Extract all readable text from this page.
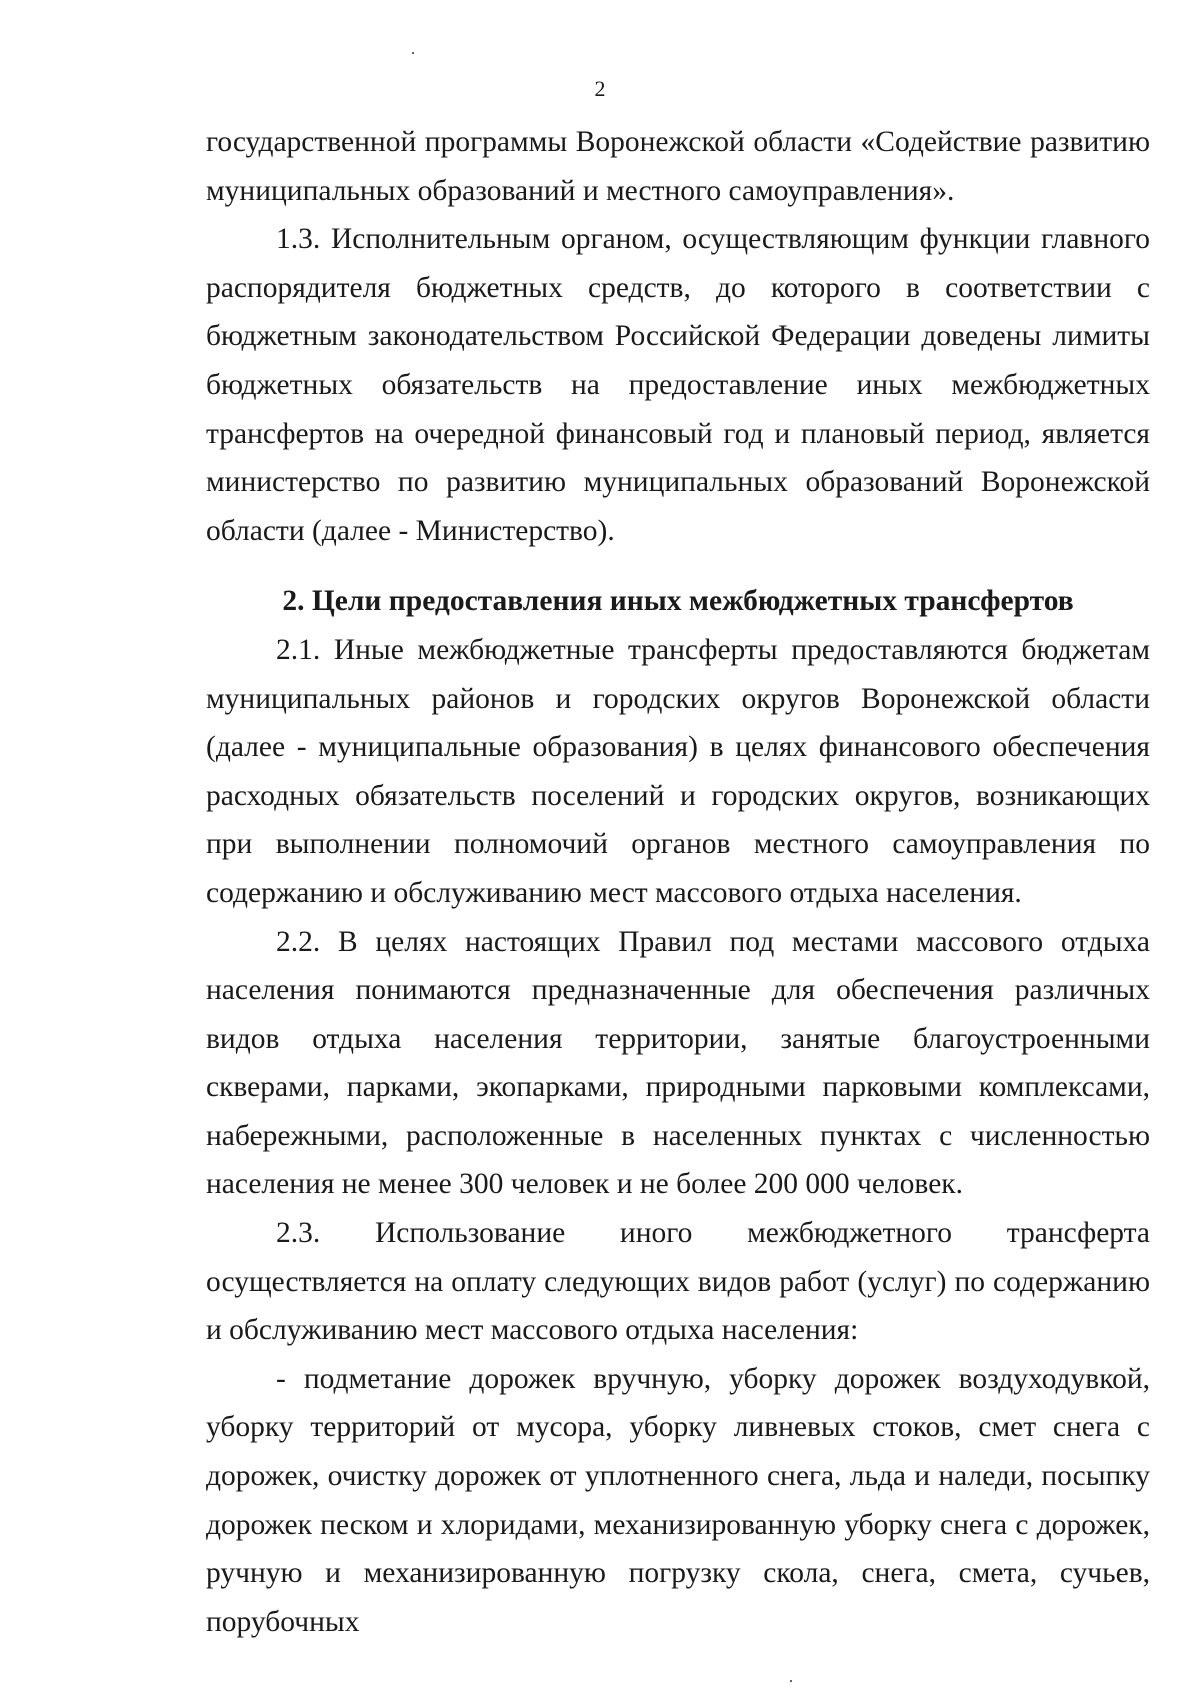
2

государственной программы Воронежской области «Содействие развитию муниципальных образований и местного самоуправления».

1.3. Исполнительным органом, осуществляющим функции главного распорядителя бюджетных средств, до которого в соответствии с бюджетным законодательством Российской Федерации доведены лимиты бюджетных обязательств на предоставление иных межбюджетных трансфертов на очередной финансовый год и плановый период, является министерство по развитию муниципальных образований Воронежской области (далее - Министерство).

2. Цели предоставления иных межбюджетных трансфертов

2.1. Иные межбюджетные трансферты предоставляются бюджетам муниципальных районов и городских округов Воронежской области (далее - муниципальные образования) в целях финансового обеспечения расходных обязательств поселений и городских округов, возникающих при выполнении полномочий органов местного самоуправления по содержанию и обслуживанию мест массового отдыха населения.

2.2. В целях настоящих Правил под местами массового отдыха населения понимаются предназначенные для обеспечения различных видов отдыха населения территории, занятые благоустроенными скверами, парками, экопарками, природными парковыми комплексами, набережными, расположенные в населенных пунктах с численностью населения не менее 300 человек и не более 200 000 человек.

2.3. Использование иного межбюджетного трансферта осуществляется на оплату следующих видов работ (услуг) по содержанию и обслуживанию мест массового отдыха населения:

- подметание дорожек вручную, уборку дорожек воздуходувкой, уборку территорий от мусора, уборку ливневых стоков, смет снега с дорожек, очистку дорожек от уплотненного снега, льда и наледи, посыпку дорожек песком и хлоридами, механизированную уборку снега с дорожек, ручную и механизированную погрузку скола, снега, смета, сучьев, порубочных
